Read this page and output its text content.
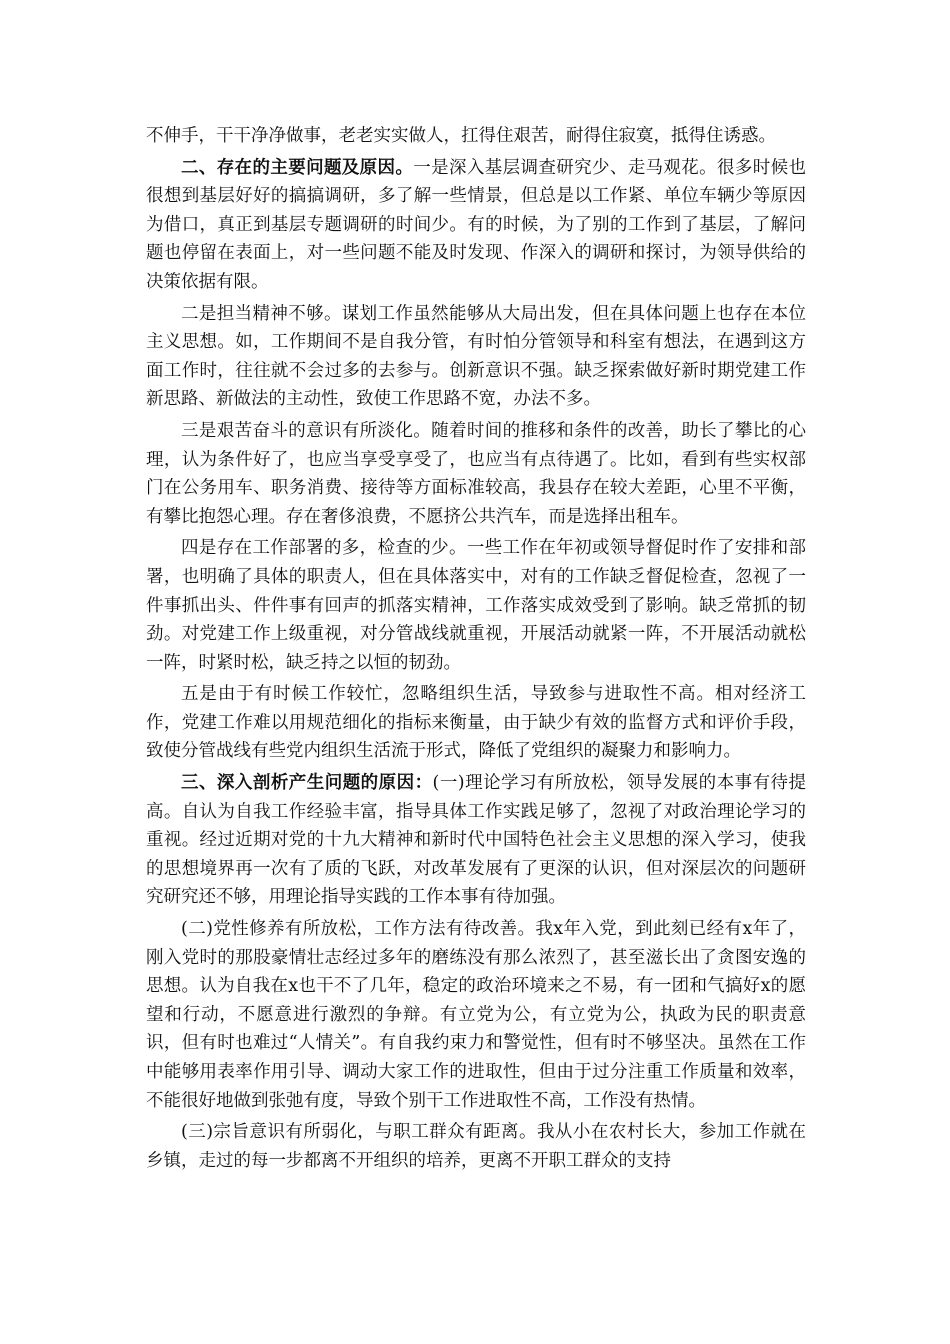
不伸手，干干净净做事，老老实实做人，扛得住艰苦，耐得住寂寞，抵得住诱惑。

二、存在的主要问题及原因。一是深入基层调查研究少、走马观花。很多时候也很想到基层好好的搞搞调研，多了解一些情景，但总是以工作紧、单位车辆少等原因为借口，真正到基层专题调研的时间少。有的时候，为了别的工作到了基层，了解问题也停留在表面上，对一些问题不能及时发现、作深入的调研和探讨，为领导供给的决策依据有限。

二是担当精神不够。谋划工作虽然能够从大局出发，但在具体问题上也存在本位主义思想。如，工作期间不是自我分管，有时怕分管领导和科室有想法，在遇到这方面工作时，往往就不会过多的去参与。创新意识不强。缺乏探索做好新时期党建工作新思路、新做法的主动性，致使工作思路不宽，办法不多。

三是艰苦奋斗的意识有所淡化。随着时间的推移和条件的改善，助长了攀比的心理，认为条件好了，也应当享受享受了，也应当有点待遇了。比如，看到有些实权部门在公务用车、职务消费、接待等方面标准较高，我县存在较大差距，心里不平衡，有攀比抱怨心理。存在奢侈浪费，不愿挤公共汽车，而是选择出租车。

四是存在工作部署的多，检查的少。一些工作在年初或领导督促时作了安排和部署，也明确了具体的职责人，但在具体落实中，对有的工作缺乏督促检查，忽视了一件事抓出头、件件事有回声的抓落实精神，工作落实成效受到了影响。缺乏常抓的韧劲。对党建工作上级重视，对分管战线就重视，开展活动就紧一阵，不开展活动就松一阵，时紧时松，缺乏持之以恒的韧劲。

五是由于有时候工作较忙，忽略组织生活，导致参与进取性不高。相对经济工作，党建工作难以用规范细化的指标来衡量，由于缺少有效的监督方式和评价手段，致使分管战线有些党内组织生活流于形式，降低了党组织的凝聚力和影响力。

三、深入剖析产生问题的原因：(一)理论学习有所放松，领导发展的本事有待提高。自认为自我工作经验丰富，指导具体工作实践足够了，忽视了对政治理论学习的重视。经过近期对党的十九大精神和新时代中国特色社会主义思想的深入学习，使我的思想境界再一次有了质的飞跃，对改革发展有了更深的认识，但对深层次的问题研究研究还不够，用理论指导实践的工作本事有待加强。

(二)党性修养有所放松，工作方法有待改善。我x年入党，到此刻已经有x年了，刚入党时的那股豪情壮志经过多年的磨练没有那么浓烈了，甚至滋长出了贪图安逸的思想。认为自我在x也干不了几年，稳定的政治环境来之不易，有一团和气搞好x的愿望和行动，不愿意进行激烈的争辩。有立党为公，有立党为公，执政为民的职责意识，但有时也难过“人情关”。有自我约束力和警觉性，但有时不够坚决。虽然在工作中能够用表率作用引导、调动大家工作的进取性，但由于过分注重工作质量和效率，不能很好地做到张弛有度，导致个别干工作进取性不高，工作没有热情。

(三)宗旨意识有所弱化，与职工群众有距离。我从小在农村长大，参加工作就在乡镇，走过的每一步都离不开组织的培养，更离不开职工群众的支持
